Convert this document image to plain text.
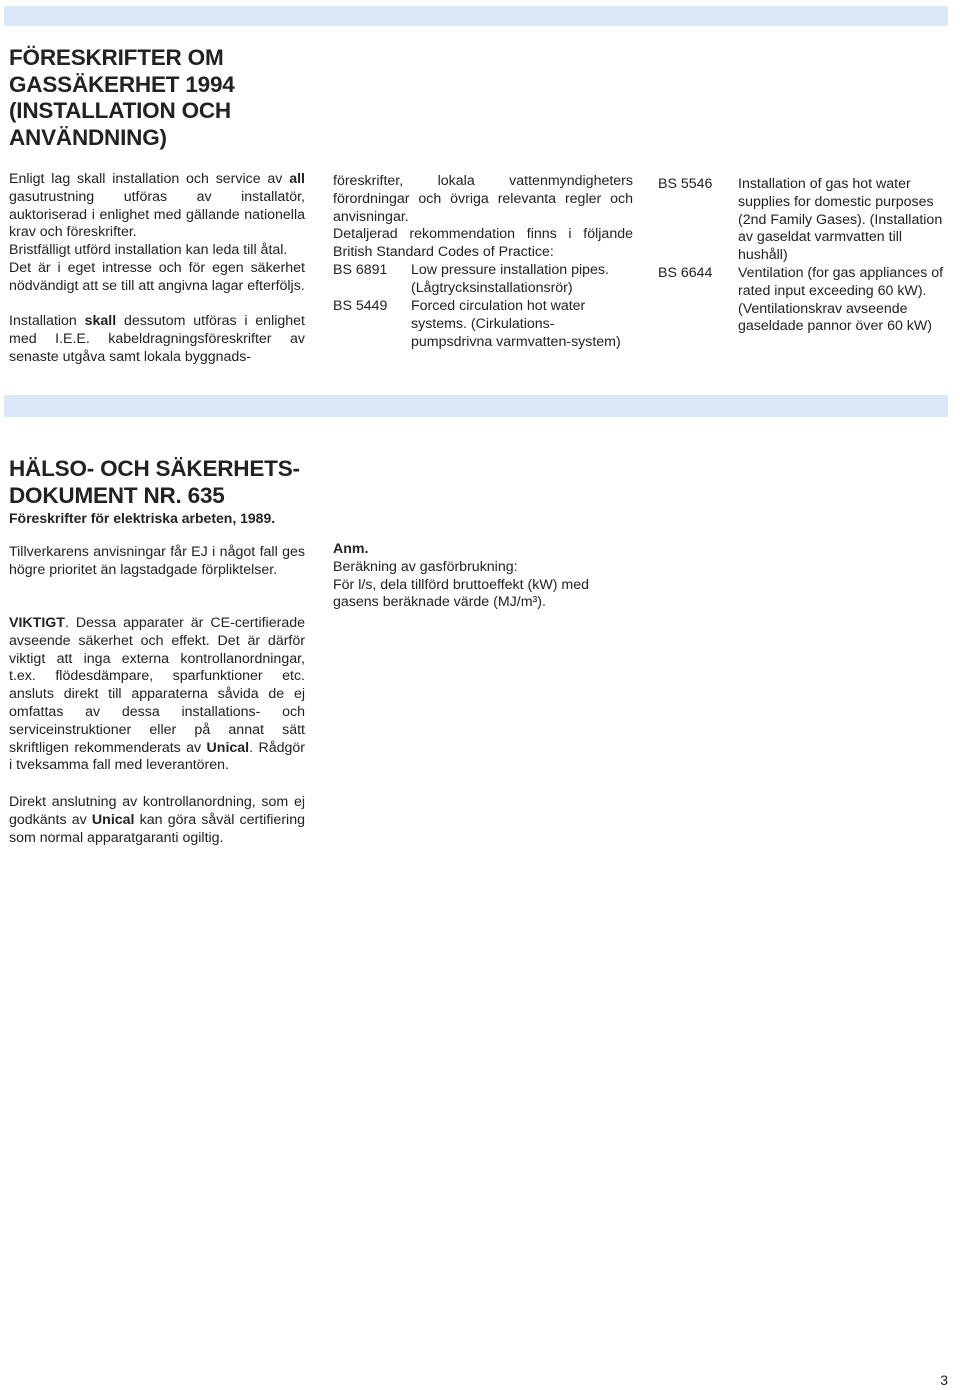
FÖRESKRIFTER OM GASSÄKERHET 1994 (INSTALLATION OCH ANVÄNDNING)

Enligt lag skall installation och service av all gasutrustning utföras av installatör, auktoriserad i enlighet med gällande nationella krav och föreskrifter.

Bristfälligt utförd installation kan leda till åtal.

Det är i eget intresse och för egen säkerhet nödvändigt att se till att angivna lagar efterföljs.

Installation skall dessutom utföras i enlighet med I.E.E. kabeldragningsföreskrifter av senaste utgåva samt lokala byggnads-

föreskrifter, lokala vattenmyndigheters förordningar och övriga relevanta regler och anvisningar.

Detaljerad rekommendation finns i följande British Standard Codes of Practice:

BS 6891	Low pressure installation pipes. (Lågtrycksinstallationsrör)
BS 5449	Forced circulation hot water systems. (Cirkulations-pumpsdrivna varmvatten-system)
BS 5546	Installation of gas hot water supplies for domestic purposes (2nd Family Gases). (Installation av gaseldat varmvatten till hushåll)
BS 6644	Ventilation (for gas appliances of rated input exceeding 60 kW). (Ventilationskrav avseende gaseldade pannor över 60 kW)
HÄLSO- OCH SÄKERHETS-
DOKUMENT NR. 635
Föreskrifter för elektriska arbeten, 1989.

Tillverkarens anvisningar får EJ i något fall ges högre prioritet än lagstadgade förpliktelser.

VIKTIGT. Dessa apparater är CE-certifierade avseende säkerhet och effekt. Det är därför viktigt att inga externa kontrollanordningar, t.ex. flödesdämpare, sparfunktioner etc. ansluts direkt till apparaterna såvida de ej omfattas av dessa installations- och serviceinstruktioner eller på annat sätt skriftligen rekommenderats av Unical. Rådgör i tveksamma fall med leverantören.

Direkt anslutning av kontrollanordning, som ej godkänts av Unical kan göra såväl certifiering som normal apparatgaranti ogiltig.

Anm.
Beräkning av gasförbrukning:
För l/s, dela tillförd bruttoeffekt (kW) med gasens beräknade värde (MJ/m³).
3
